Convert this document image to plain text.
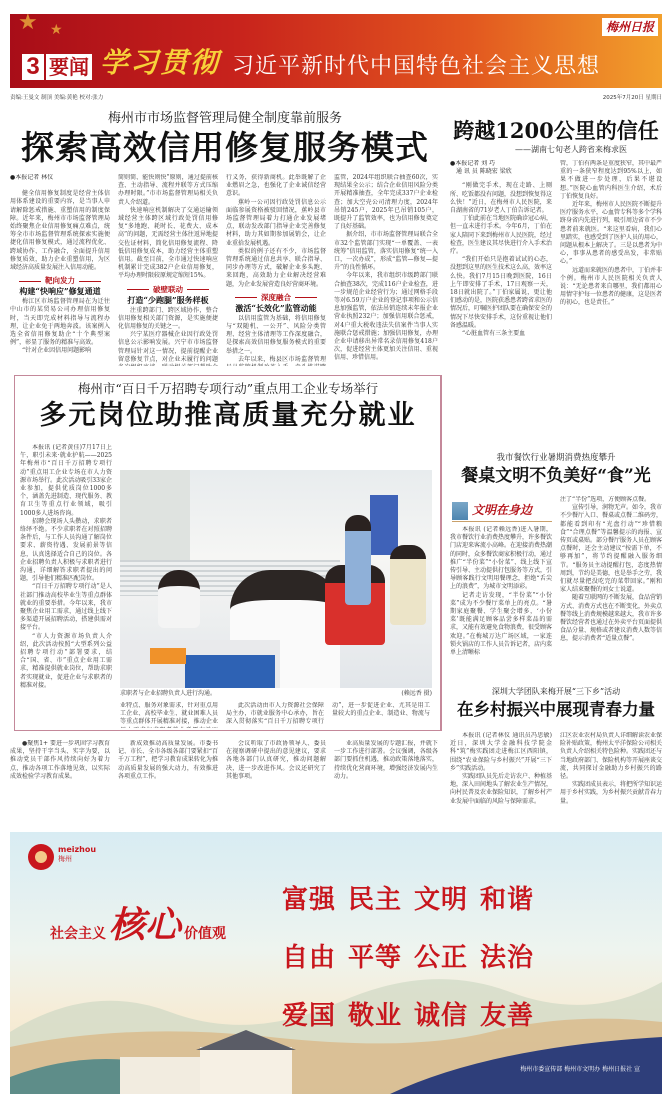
★ ★
3 要闻 学习贯彻 习近平新时代中国特色社会主义思想
梅州日报
责编:王曼文 制顶 美编:黄艳 校对:张力	2025年7月20日 星期日
梅州市市场监督管理局健全制度靠前服务
探索高效信用修复服务模式
●本报记者 林仪

健全信用修复制度是经营主体信用体系建设的重要内容，是当事人申请解除惩戒措施、重塑信用的制度保障。近年来，梅州市市场监督管理局始终聚焦企业信用修复痛点难点，统筹全市市场监督管理系统探索实施便捷化信用修复模式，通过流程优化、跨域协作、工作融合，全面提升信用修复质效，助力企业重塑信用，为区域经济高质量发展注入信用动能。

靶向发力
构建“快响应”修复通道

梅江区市场监督管理局在为迁往中山市的某贸易公司办理信用修复时，当天即完成材料指导与流程办理，让企业免于两地奔波。该案例入选全省信用修复助企“十个典型案例”，彰显了服务的精准与高效。

“针对企业因信用问题影响

简则简、能快则快”原则，通过提前核查、主动指导、流程并联等方式压缩办理时限。”市市场监督管理局相关负责人介绍道。

快速响应机制解决了交通运输领域经营主体跨区域行政处罚信用修复“多地跑、耗时长、花费大、成本高”的问题，无需经营主体往返异地提交佐证材料，简化信用修复流程、降低信用修复成本，助力经营主体重塑信用。截至目前，全市通过快速响应机制累计完成382户企业信用修复，平均办理时限较原规定缩短15%。

破壁联动
打造“少跑腿”服务样板

注重跨部门、跨区域协作，整合信用修复相关部门资源，是实施便捷化信用修复的关键之一。

兴宁某医疗器械企业因行政处罚信息公示影响发展。兴宁市市场监督管理局针对这一情况，提前提醒企业留意修复节点，对企业未履行的问题

行义务，获得新商机。此举既解了企业燃眉之急，也强化了企业诚信经营意识。

蕉岭一公司因行政处罚信息公示面临参展资格被驳回情况，蕉岭县市场监督管理局着力打通企业发展堵点，联动发改部门指导企业完善修复材料，助力其如期参加展销会，让企业重拾发展机遇。

类似的例子还有不少，市场监督管理系统通过信息共享、联合指导、同步办理等方式，破解企业多头跑、来回跑，高效助力企业解决经营难题，为企业发展营造良好营商环境。

深度融合
激活“长效化”监管动能

以信用监管为基础，将信用修复与“双随机、一公开”、风险分类管理、经营主体清理等工作深度融合，是探索高效信用修复服务模式的重要举措之一。

去年以来，梅县区市场监督管理

监管，2024年组织联合抽查60次，实现结果全公示；结合企业信用风险分类开展精准抽查，全年完成337户企业检查；加大空壳公司清理力度，2024年吊销245户，2025年已吊销105户，既提升了监管效率，也为信用修复奠定了良好基础。

据介绍，市市场监督管理局联合全市32个监管部门实现“一单覆盖、一表统筹”信用监管，落实信用修复“统一入口，一次办成”，形成“监管—修复—提升”的良性循环。

今年以来，我市组织市级跨部门联合抽查38次，完成116户企业检查，进一步规范企业经营行为；通过网格手段等对6.59万户企业的登记事项和公示信息加强监管，依法吊销连续未年报企业营业执照232户；加强信用联合惩戒，对4户重大税收违法失信案件当事人实施联合惩戒措施；加强信用修复，办理企业申请移出异常名录信用修复418户次，促进经营主体更加关注信用、重视信用、珍惜信用。

跨越1200公里的信任
——湖南七旬老人跨省来梅求医
●本报记者 刘 巧
通 讯 员 陈晓宏 梁欣

“刚做完手术，现在走路、上厕所、吃饭都没有问题，没想到恢复得这么快！”近日，在梅州市人民医院，来自湖南省的71岁老人丁伯告诉记者。

丁伯此前在当地医院确诊冠心病，但一直未进行手术。今年6月，丁伯在家人陪同下来到梅州市人民医院，经过检查，医生建议其尽快进行介入手术治疗。

“我们开始只是抱着试试的心态，没想到这里的医生技术这么高，效率这么快。我们7月15日晚到医院，16日上午即安排了手术，17日观察一天，18日就出院了。”丁伯家属说，更让他们感动的是，医院获悉患者跨省求医的情况后，叮嘱医护团队要在确保安全的情况下尽快安排手术，这份重视让他们备感温暖。

“心脏血管有三条主要血

管，丁伯有两条是重度狭窄，其中最严重的一条狭窄程度达到95%以上，如果不做进一步处理，后果不堪设想。”医院心血管内科医生介绍，术后丁伯恢复良好。

近年来，梅州市人民医院不断提升医疗服务水平，心血管专科等多个学科跻身省内先进行列，吸引周边省市不少患者前来就医。“来这里看病，我们心里踏实，也感受到了医护人员的用心，问题从根本上解决了。三是以患者为中心，事事从患者的感受出发，非常贴心。”

远道而来就医的患者中，丁伯并非个例。梅州市人民医院相关负责人说：“无论患者来自哪里，我们都用心用情守护每一位患者的健康，这是医者的初心，也是责任。”

梅州市“百日千万招聘专项行动”重点用工企业专场举行
多元岗位助推高质量充分就业

本报讯 (记者黄佳)7月17日上午，职引未来·就业护航——2025年梅州市“百日千万招聘专项行动”重点用工企业专场在市人力资源市场举行。此次活动吸引33家企业参加，提供优质岗位1000多个，涵盖先进制造、现代服务、教育卫生等重点行业领域，吸引1000多人进场咨询。

招聘会现场人头攒动，求职者络绎不绝。不少求职者在对照招聘条件后，与工作人员沟通了解岗位要求、薪资待遇、发展前景等信息，认真选择适合自己的岗位。各企业招聘负责人积极与求职者进行沟通，详细解答求职者提出的问题，引导他们精准匹配岗位。

“百日千万招聘专项行动”是人社部门推动高校毕业生等重点群体就业的重要举措。今年以来，我市聚焦企业用工需求，通过线上线下多渠道开展招聘活动，搭建供需对接平台。

“市人力资源市场负责人介绍，此次活动按照“大型系列公益招聘专项行动”部署要求，结合“国、省、市”重点企业用工需求，精准提供就业岗位，帮助求职者实现就业，促进企业与求职者的精准对接。

求职者与企业招聘负责人进行沟通。	(赖远香 摄)

业特点、服务对象需求，针对重点用工企业、高校毕业生、就业困难人员等重点群体开展精准对接，推动企业

此次活动由市人力资源社会保障局主办，市就业服务中心承办，旨在深入贯彻落实“百日千万招聘专项行动”，进一步促进企业、尤其是用工量较大的重点企业、制造业、物流与

●聚焦1+ 要进一步巩固学习教育成果，坚持干字当头、实字为要，以推动党员干部作风持续向好为着力点，推动各项工作落地见效，以实际成效检验学习教育成果。

新成效推动高质量发展。市委书记、市长、全市各级各部门要紧扣“百千万工程”，把学习教育成果转化为推动高质量发展的强大动力，有效推进各项重点工作。

会议听取了市政协领导人、委员在视察调研中提出的意见建议，要求各地各部门认真研究，推动问题解决，进一步改进作风。会议还研究了其他事项。

业高质量发展的专题汇报，并就下一步工作进行部署。会议强调，各级各部门要抓住机遇，推动政策落地落实，持续优化营商环境，增强经济发展内生动力。

我市餐饮行业暑期消费热度攀升
餐桌文明不负美好“食”光
文明在身边

本报讯 (记者赖远香)进入暑期，我市餐饮行业消费热度攀升，许多餐饮门店迎来客流小高峰。在迎接消费热潮的同时，众多餐饮商家积极行动，通过推广“半份菜”“小份菜”、线上线下宣传引导、主动提供打包服务等方式，引导顾客践行文明用餐理念，拒绝“舌尖上的浪费”，为城市文明添彩。

记者走访发现，“半份菜”“小份菜”成为不少餐厅菜单上的亮点。“暑期家庭聚餐、学生聚会增多，‘小份菜’既能满足顾客品尝多样菜品的需求，又能有效避免食物浪费，很受顾客欢迎。”在梅城万达广场区域，一家连锁火锅店的工作人员告诉记者，店内菜单上清晰标

注了“半份”选项，方便顾客点餐。

宣传引导，润物无声。如今，我市不少餐厅入口、餐桌或点餐二维码旁，都能看到印有“光盘行动”“珍惜粮食”“合理点餐”等温馨提示的海报、宣传页或桌贴。部分餐厅服务人员在顾客点餐时，还会主动建议“按需下单，不够再加”，将节约提醒融入服务细节。“服务员主动提醒打包，态度热情周到，节约是美德，也是举手之劳，我们就尽量把没吃完的菜带回家。”刚和家人结束聚餐的刘女士说道。

随着互联网的不断发展，食品营销方式、消费方式也在不断变化，外卖点餐等线上消费规模越来越大，我市许多餐饮经营者也通过在外卖平台页面提供食品分量、规格或者建议消费人数等信息，提示消费者“适量点餐”。

深圳大学团队来梅开展“三下乡”活动
在乡村振兴中展现青春力量

本报讯 (记者林仪 通讯员冯思敏)近日，深圳大学金融科技学院金科“筑”梅实践团走进梅江区西阳镇，围绕“农业保险与乡村振兴”开展“三下乡”实践活动。

实践团队员先后走访农户、种植基地，深入田间地头了解农业生产情况，向村民普及农业保险知识，了解乡村产业发展中面临的风险与保障需求。

江区农业农村局负责人详细解读农业保险补贴政策，梅州太平洋保险公司相关负责人介绍相关特色险种。实践团还与当地政府部门、保险机构等开展座谈交流，共同探讨金融助力乡村振兴的路径。

实践团成员表示，将把所学知识运用于乡村实践，为乡村振兴贡献青春力量。

meizhou
梅州
社会主义 核心 价值观
富强 民主 文明 和谐
自由 平等 公正 法治
爱国 敬业 诚信 友善
梅州市委宣传部 梅州市文明办 梅州日报社 宣
